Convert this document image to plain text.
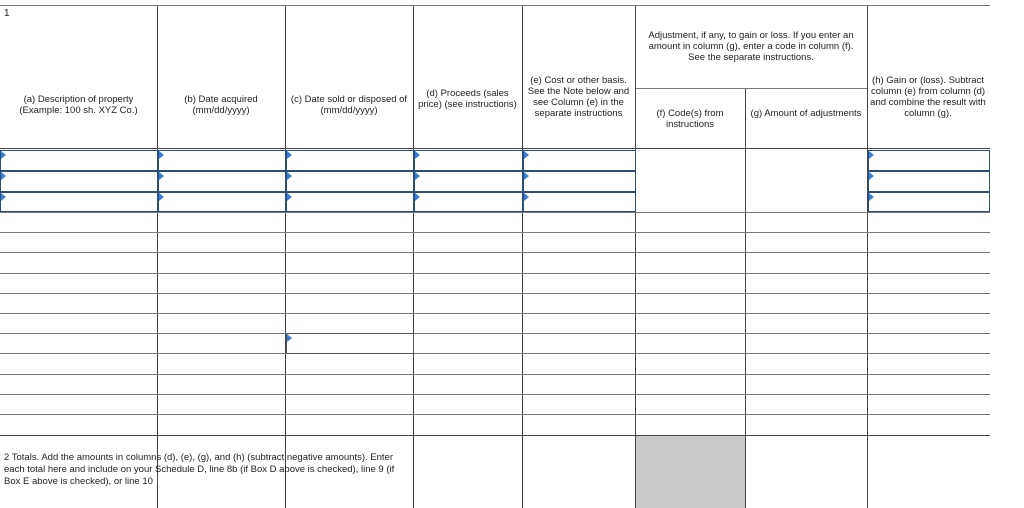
1
Adjustment, if any, to gain or loss. If you enter an amount in column (g), enter a code in column (f). See the separate instructions.
(a) Description of property (Example: 100 sh. XYZ Co.)
(b) Date acquired (mm/dd/yyyy)
(c) Date sold or disposed of (mm/dd/yyyy)
(d) Proceeds (sales price) (see instructions)
(e) Cost or other basis. See the Note below and see Column (e) in the separate instructions	(f) Code(s) from instructions
(g) Amount of adjustments
(h) Gain or (loss). Subtract column (e) from column (d) and combine the result with column (g).
2 Totals. Add the amounts in columns (d), (e), (g), and (h) (subtract negative amounts). Enter each total here and include on your Schedule D, line 8b (if Box D above is checked), line 9 (if Box E above is checked), or line 10
